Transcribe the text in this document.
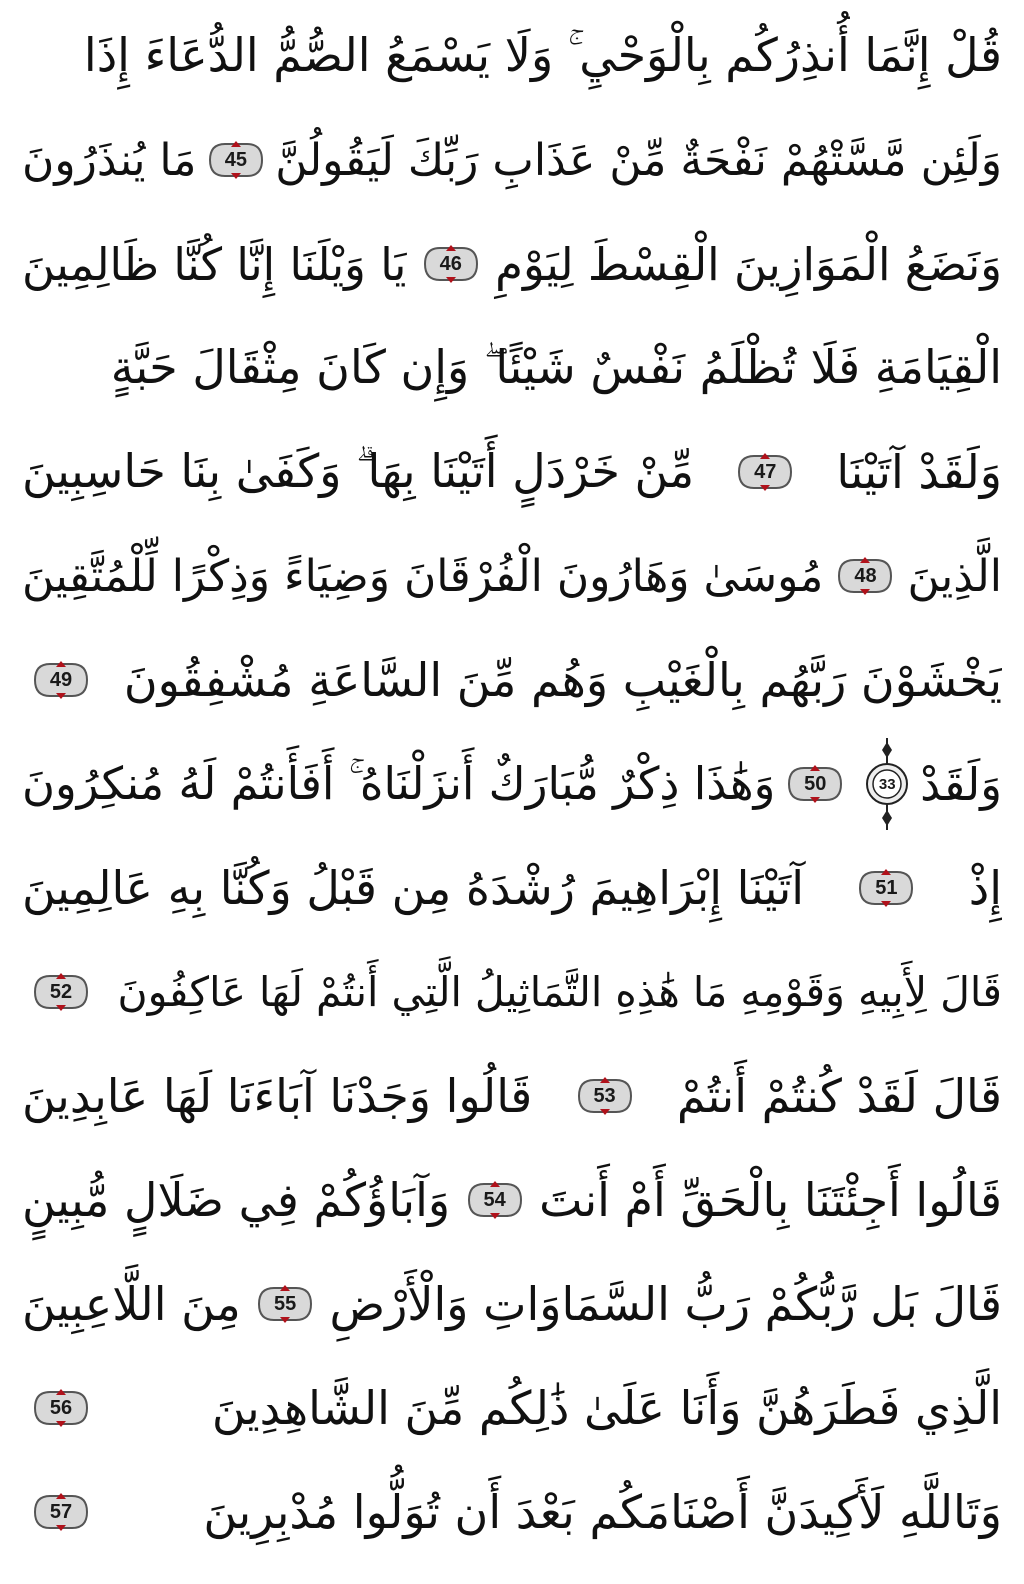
قُلْ إِنَّمَا أُنذِرُكُم بِالْوَحْيِ ۚ وَلَا يَسْمَعُ الصُّمُّ الدُّعَاءَ إِذَا
وَلَئِن مَّسَّتْهُمْ نَفْحَةٌ مِّنْ عَذَابِ رَبِّكَ لَيَقُولُنَّ
45
مَا يُنذَرُونَ
وَنَضَعُ الْمَوَازِينَ الْقِسْطَ لِيَوْمِ
46
يَا وَيْلَنَا إِنَّا كُنَّا ظَالِمِينَ
الْقِيَامَةِ فَلَا تُظْلَمُ نَفْسٌ شَيْئًا ۖ وَإِن كَانَ مِثْقَالَ حَبَّةٍ
وَلَقَدْ آتَيْنَا
47
مِّنْ خَرْدَلٍ أَتَيْنَا بِهَا ۗ وَكَفَىٰ بِنَا حَاسِبِينَ
الَّذِينَ
48
مُوسَىٰ وَهَارُونَ الْفُرْقَانَ وَضِيَاءً وَذِكْرًا لِّلْمُتَّقِينَ
يَخْشَوْنَ رَبَّهُم بِالْغَيْبِ وَهُم مِّنَ السَّاعَةِ مُشْفِقُونَ
49
وَلَقَدْ
33
50
وَهَٰذَا ذِكْرٌ مُّبَارَكٌ أَنزَلْنَاهُ ۚ أَفَأَنتُمْ لَهُ مُنكِرُونَ
إِذْ
51
آتَيْنَا إِبْرَاهِيمَ رُشْدَهُ مِن قَبْلُ وَكُنَّا بِهِ عَالِمِينَ
قَالَ لِأَبِيهِ وَقَوْمِهِ مَا هَٰذِهِ التَّمَاثِيلُ الَّتِي أَنتُمْ لَهَا عَاكِفُونَ
52
قَالَ لَقَدْ كُنتُمْ أَنتُمْ
53
قَالُوا وَجَدْنَا آبَاءَنَا لَهَا عَابِدِينَ
قَالُوا أَجِئْتَنَا بِالْحَقِّ أَمْ أَنتَ
54
وَآبَاؤُكُمْ فِي ضَلَالٍ مُّبِينٍ
قَالَ بَل رَّبُّكُمْ رَبُّ السَّمَاوَاتِ وَالْأَرْضِ
55
مِنَ اللَّاعِبِينَ
الَّذِي فَطَرَهُنَّ وَأَنَا عَلَىٰ ذَٰلِكُم مِّنَ الشَّاهِدِينَ
56
وَتَاللَّهِ لَأَكِيدَنَّ أَصْنَامَكُم بَعْدَ أَن تُوَلُّوا مُدْبِرِينَ
57
